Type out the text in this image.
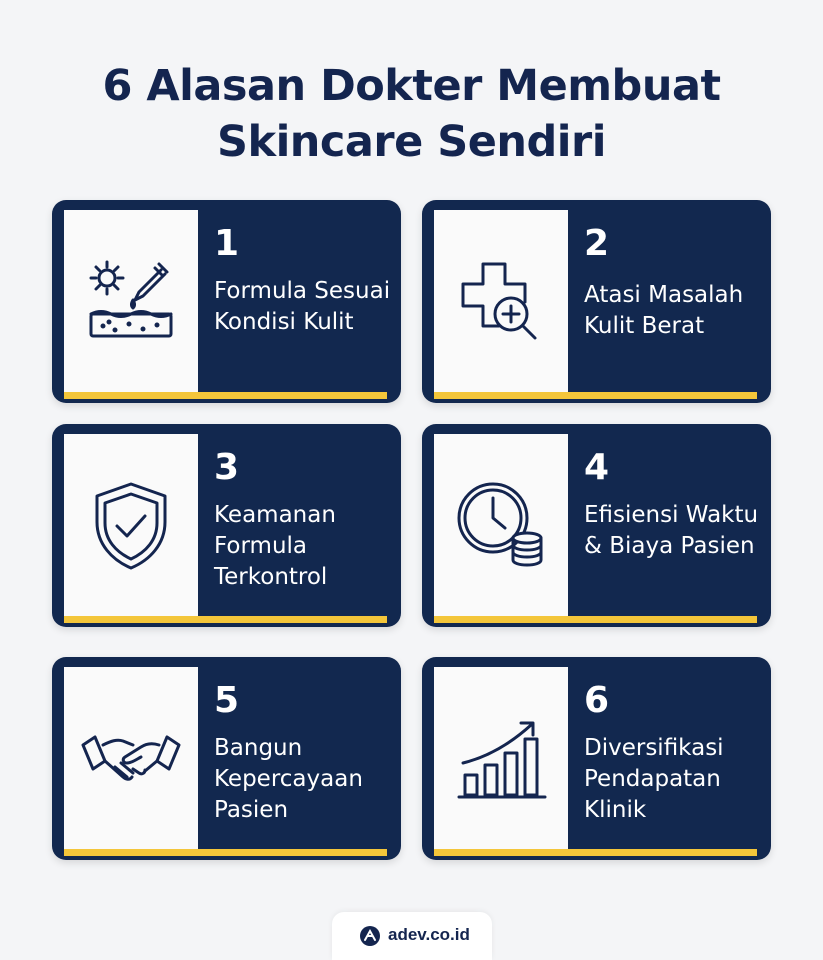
6 Alasan Dokter Membuat
Skincare Sendiri
1
Formula Sesuai Kondisi Kulit
2
Atasi Masalah Kulit Berat
3
Keamanan Formula Terkontrol
4
Efisiensi Waktu & Biaya Pasien
5
Bangun Kepercayaan Pasien
6
Diversifikasi Pendapatan Klinik
adev.co.id
